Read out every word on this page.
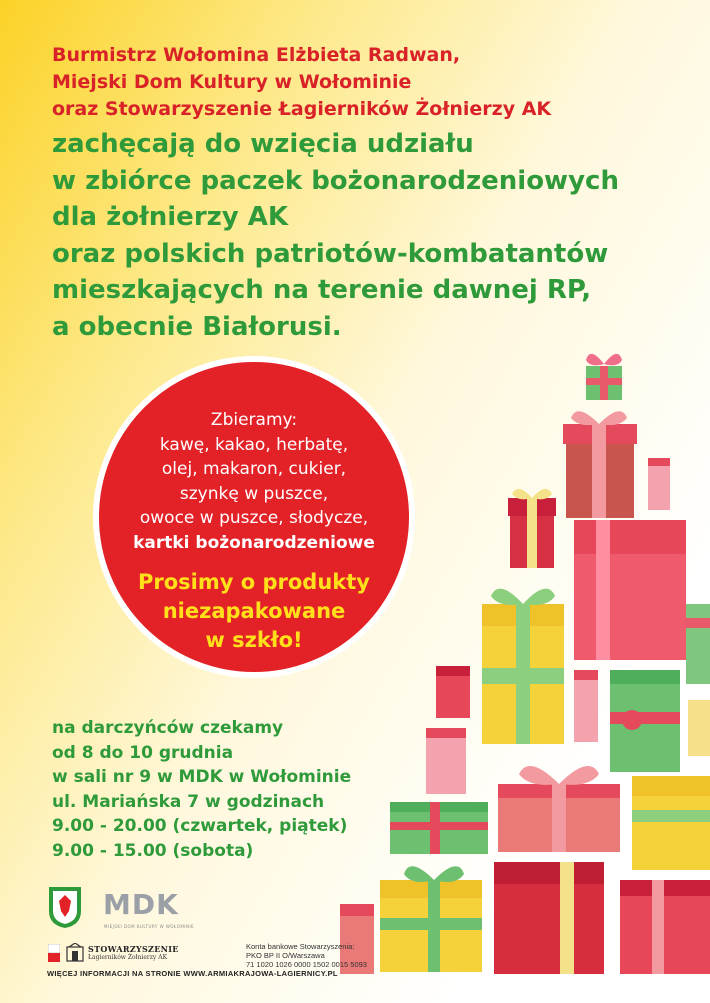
Burmistrz Wołomina Elżbieta Radwan,
Miejski Dom Kultury w Wołominie
oraz Stowarzyszenie Łagierników Żołnierzy AK
zachęcają do wzięcia udziału
w zbiórce paczek bożonarodzeniowych
dla żołnierzy AK
oraz polskich patriotów-kombatantów
mieszkających na terenie dawnej RP,
a obecnie Białorusi.
Zbieramy:
kawę, kakao, herbatę,
olej, makaron, cukier,
szynkę w puszce,
owoce w puszce, słodycze,
kartki bożonarodzeniowe
Prosimy o produkty
niezapakowane
w szkło!
na darczyńców czekamy
od 8 do 10 grudnia
w sali nr 9 w MDK w Wołominie
ul. Mariańska 7 w godzinach
9.00 - 20.00 (czwartek, piątek)
9.00 - 15.00 (sobota)
MDK
MIEJSKI DOM KULTURY W WOŁOMINIE
STOWARZYSZENIE
Łagierników Żołnierzy AK
Konta bankowe Stowarzyszenia:
PKO BP II O/Warszawa
71 1020 1026 0000 1502 0015 5093
WIĘCEJ INFORMACJI NA STRONIE WWW.ARMIAKRAJOWA-LAGIERNICY.PL
